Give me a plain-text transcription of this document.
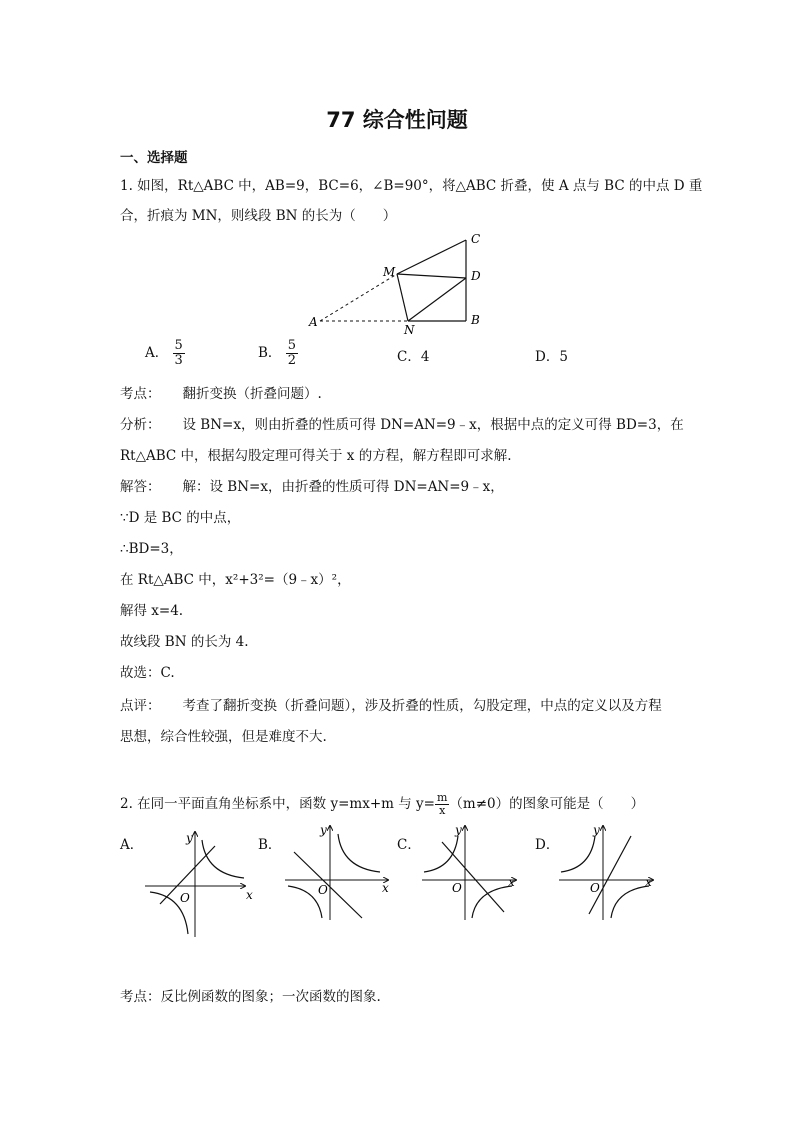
77 综合性问题
一、选择题
1. 如图，Rt△ABC 中，AB=9，BC=6，∠B=90°，将△ABC 折叠，使 A 点与 BC 的中点 D 重
合，折痕为 MN，则线段 BN 的长为（　　）
A	B
C
D
M
N
A． $\frac{5}{3}$	B． $\frac{5}{2}$	C．4	D．5
考点： 翻折变换（折叠问题）.
分析： 设 BN=x，则由折叠的性质可得 DN=AN=9﹣x，根据中点的定义可得 BD=3，在
Rt△ABC 中，根据勾股定理可得关于 x 的方程，解方程即可求解.
解答： 解：设 BN=x，由折叠的性质可得 DN=AN=9﹣x，
∵D 是 BC 的中点，
∴BD=3，
在 Rt△ABC 中，x²+3²=（9﹣x）²，
解得 x=4.
故线段 BN 的长为 4.
故选：C.
点评： 考查了翻折变换（折叠问题），涉及折叠的性质，勾股定理，中点的定义以及方程
思想，综合性较强，但是难度不大.
2. 在同一平面直角坐标系中，函数 y=mx+m 与 $y= \frac{m}{x} (m\ne 0)$的图象可能是（　　）
A．	y
x
O
B．
y
x
O
C．
y
x
O
D．
y
x
O
考点：反比例函数的图象；一次函数的图象.
